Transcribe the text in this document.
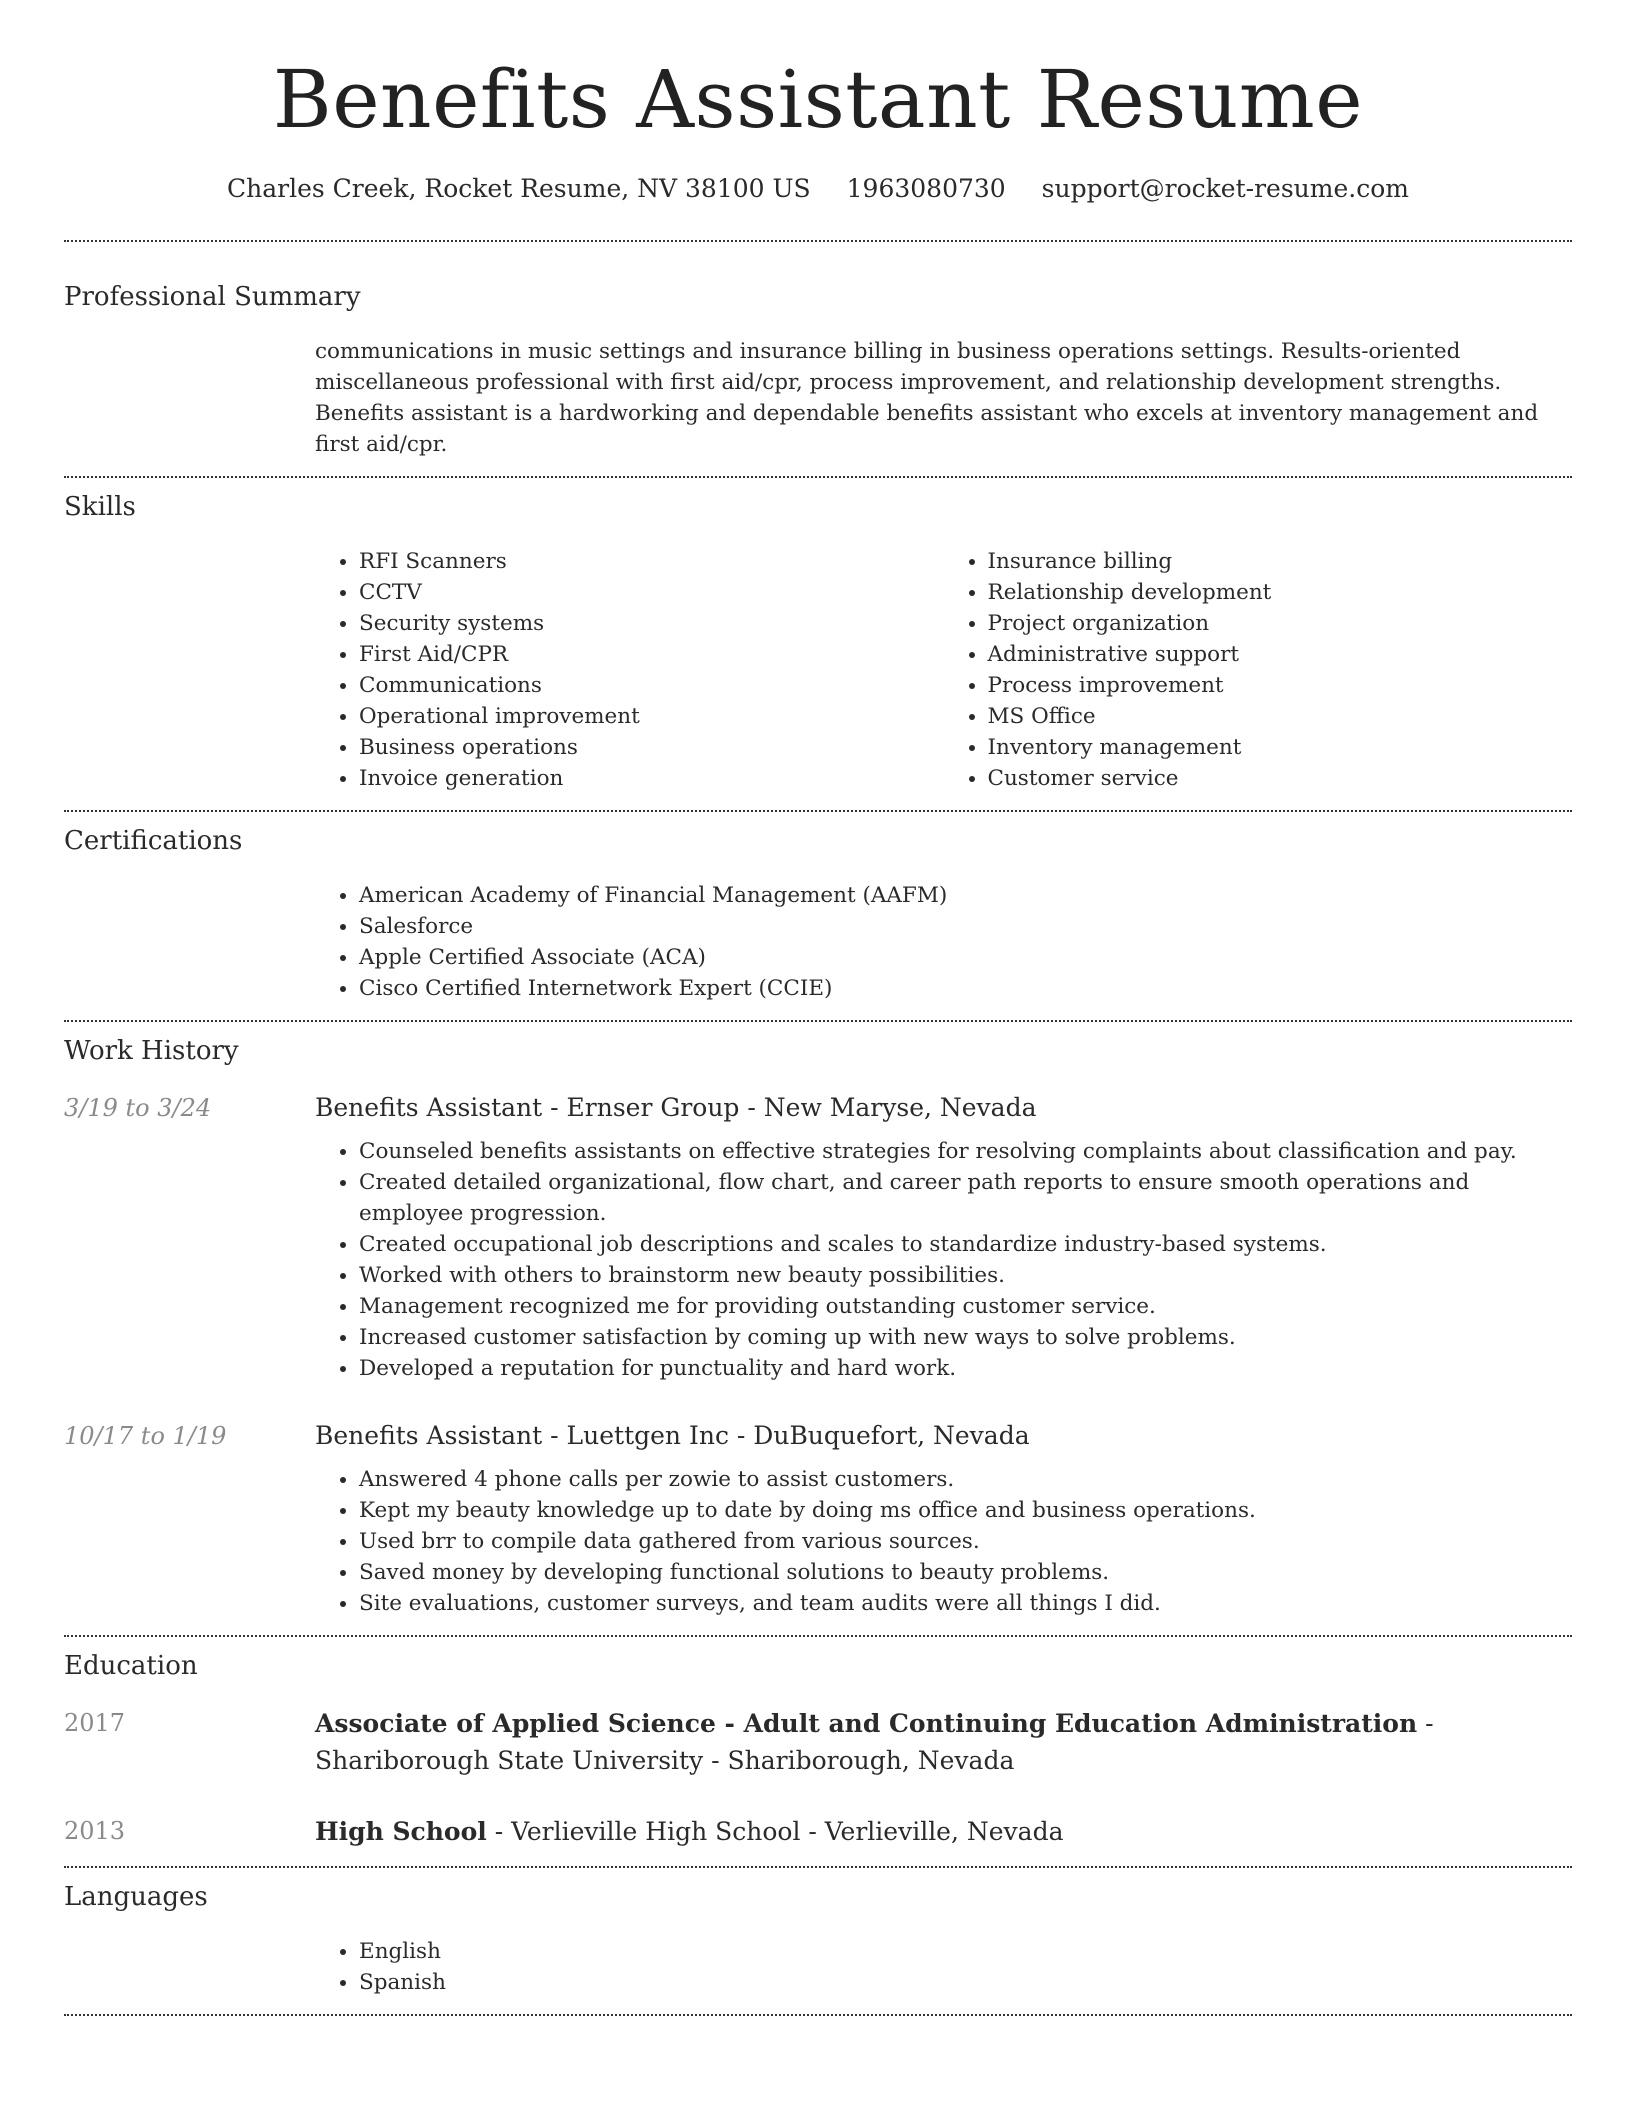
Benefits Assistant Resume
Charles Creek, Rocket Resume, NV 38100 US 1963080730 support@rocket-resume.com
Professional Summary

communications in music settings and insurance billing in business operations settings. Results-oriented miscellaneous professional with first aid/cpr, process improvement, and relationship development strengths. Benefits assistant is a hardworking and dependable benefits assistant who excels at inventory management and first aid/cpr.

Skills
• RFI Scanners
• CCTV
• Security systems
• First Aid/CPR
• Communications
• Operational improvement
• Business operations
• Invoice generation
• Insurance billing
• Relationship development
• Project organization
• Administrative support
• Process improvement
• MS Office
• Inventory management
• Customer service
Certifications
• American Academy of Financial Management (AAFM)
• Salesforce
• Apple Certified Associate (ACA)
• Cisco Certified Internetwork Expert (CCIE)
Work History
3/19 to 3/24	Benefits Assistant - Ernser Group - New Maryse, Nevada
• Counseled benefits assistants on effective strategies for resolving complaints about classification and pay.
• Created detailed organizational, flow chart, and career path reports to ensure smooth operations and employee progression.
• Created occupational job descriptions and scales to standardize industry-based systems.
• Worked with others to brainstorm new beauty possibilities.
• Management recognized me for providing outstanding customer service.
• Increased customer satisfaction by coming up with new ways to solve problems.
• Developed a reputation for punctuality and hard work.
10/17 to 1/19	Benefits Assistant - Luettgen Inc - DuBuquefort, Nevada
• Answered 4 phone calls per zowie to assist customers.
• Kept my beauty knowledge up to date by doing ms office and business operations.
• Used brr to compile data gathered from various sources.
• Saved money by developing functional solutions to beauty problems.
• Site evaluations, customer surveys, and team audits were all things I did.
Education
2017	Associate of Applied Science - Adult and Continuing Education Administration - Shariborough State University - Shariborough, Nevada
2013	High School - Verlieville High School - Verlieville, Nevada
Languages
• English
• Spanish
